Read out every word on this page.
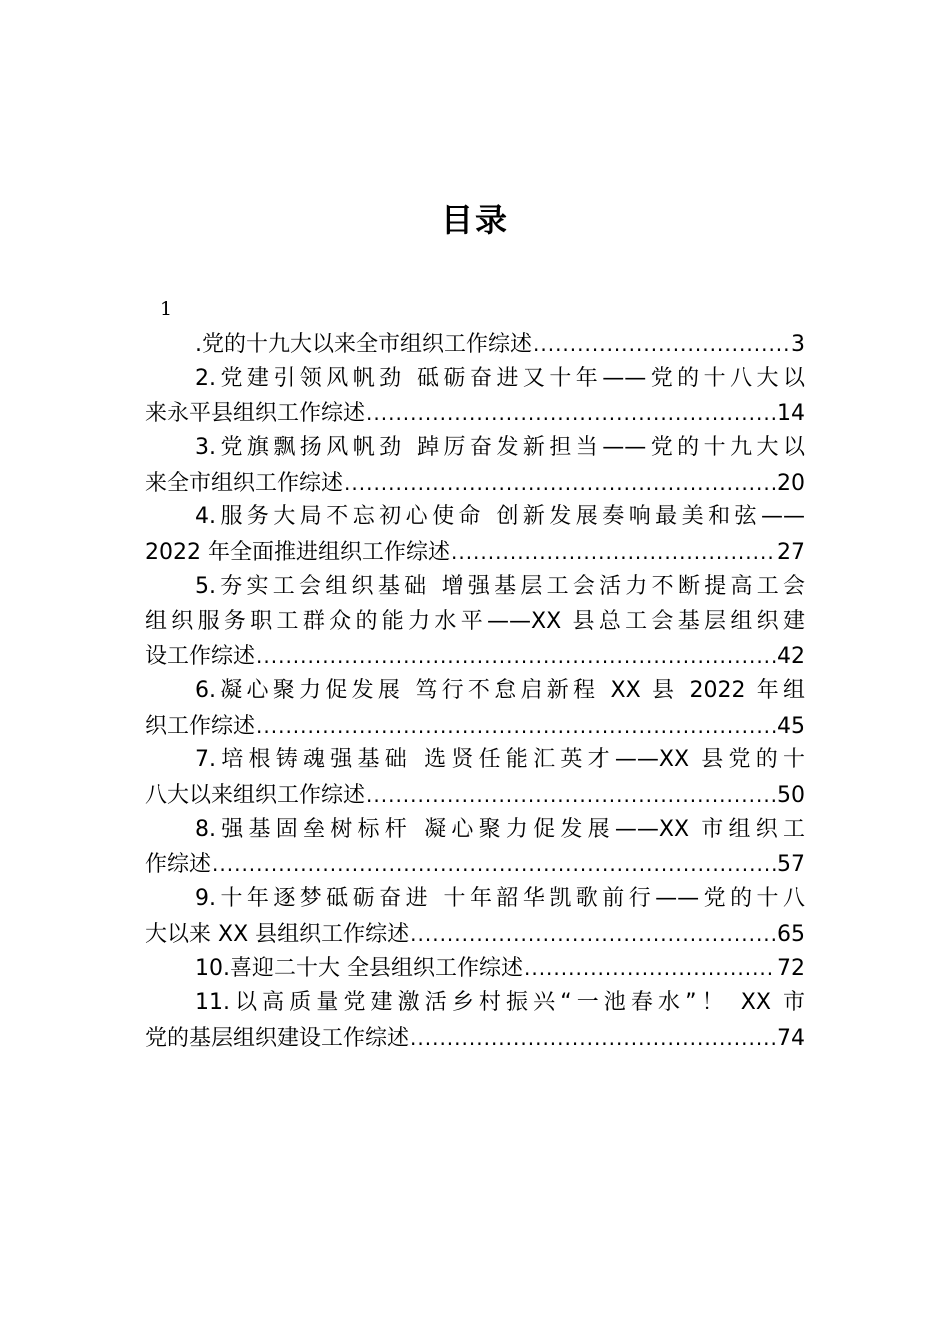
目录
1
.党的十九大以来全市组织工作综述 .....	3
2.党建引领风帆劲 砥砺奋进又十年——党的十八大以
来永平县组织工作综述 .....	14
3.党旗飘扬风帆劲 踔厉奋发新担当——党的十九大以
来全市组织工作综述 .....	20
4.服务大局不忘初心使命 创新发展奏响最美和弦——
2022 年全面推进组织工作综述 .....	27
5.夯实工会组织基础 增强基层工会活力不断提高工会
组织服务职工群众的能力水平——XX 县总工会基层组织建
设工作综述 .....	42
6.凝心聚力促发展 笃行不怠启新程 XX 县 2022 年组
织工作综述 .....	45
7.培根铸魂强基础 选贤任能汇英才——XX 县党的十
八大以来组织工作综述 .....	50
8.强基固垒树标杆 凝心聚力促发展——XX 市组织工
作综述 .....	57
9.十年逐梦砥砺奋进 十年韶华凯歌前行——党的十八
大以来 XX 县组织工作综述 .....	65
10.喜迎二十大 全县组织工作综述 .....	72
11.以高质量党建激活乡村振兴“一池春水”！ XX 市
党的基层组织建设工作综述 .....	74
